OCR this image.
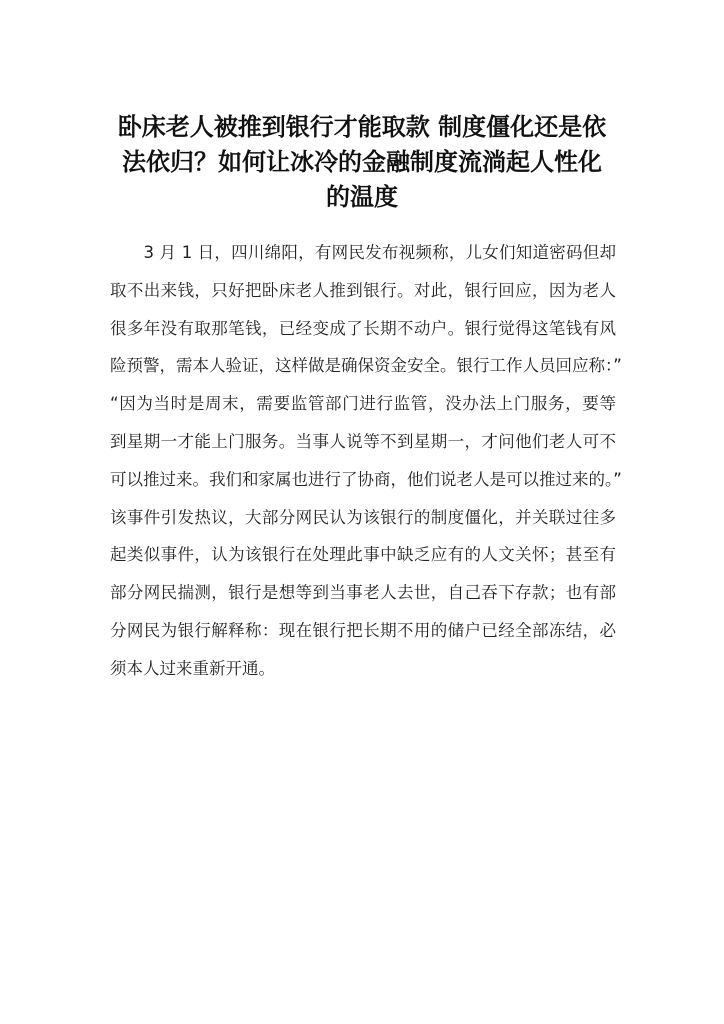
卧床老人被推到银行才能取款 制度僵化还是依
法依归？如何让冰冷的金融制度流淌起人性化
的温度
　　3 月 1 日，四川绵阳，有网民发布视频称，儿女们知道密码但却
取不出来钱，只好把卧床老人推到银行。对此，银行回应，因为老人
很多年没有取那笔钱，已经变成了长期不动户。银行觉得这笔钱有风
险预警，需本人验证，这样做是确保资金安全。银行工作人员回应称：”
“因为当时是周末，需要监管部门进行监管，没办法上门服务，要等
到星期一才能上门服务。当事人说等不到星期一，才问他们老人可不
可以推过来。我们和家属也进行了协商，他们说老人是可以推过来的。”
该事件引发热议，大部分网民认为该银行的制度僵化，并关联过往多
起类似事件，认为该银行在处理此事中缺乏应有的人文关怀；甚至有
部分网民揣测，银行是想等到当事老人去世，自己吞下存款；也有部
分网民为银行解释称：现在银行把长期不用的储户已经全部冻结，必
须本人过来重新开通。
